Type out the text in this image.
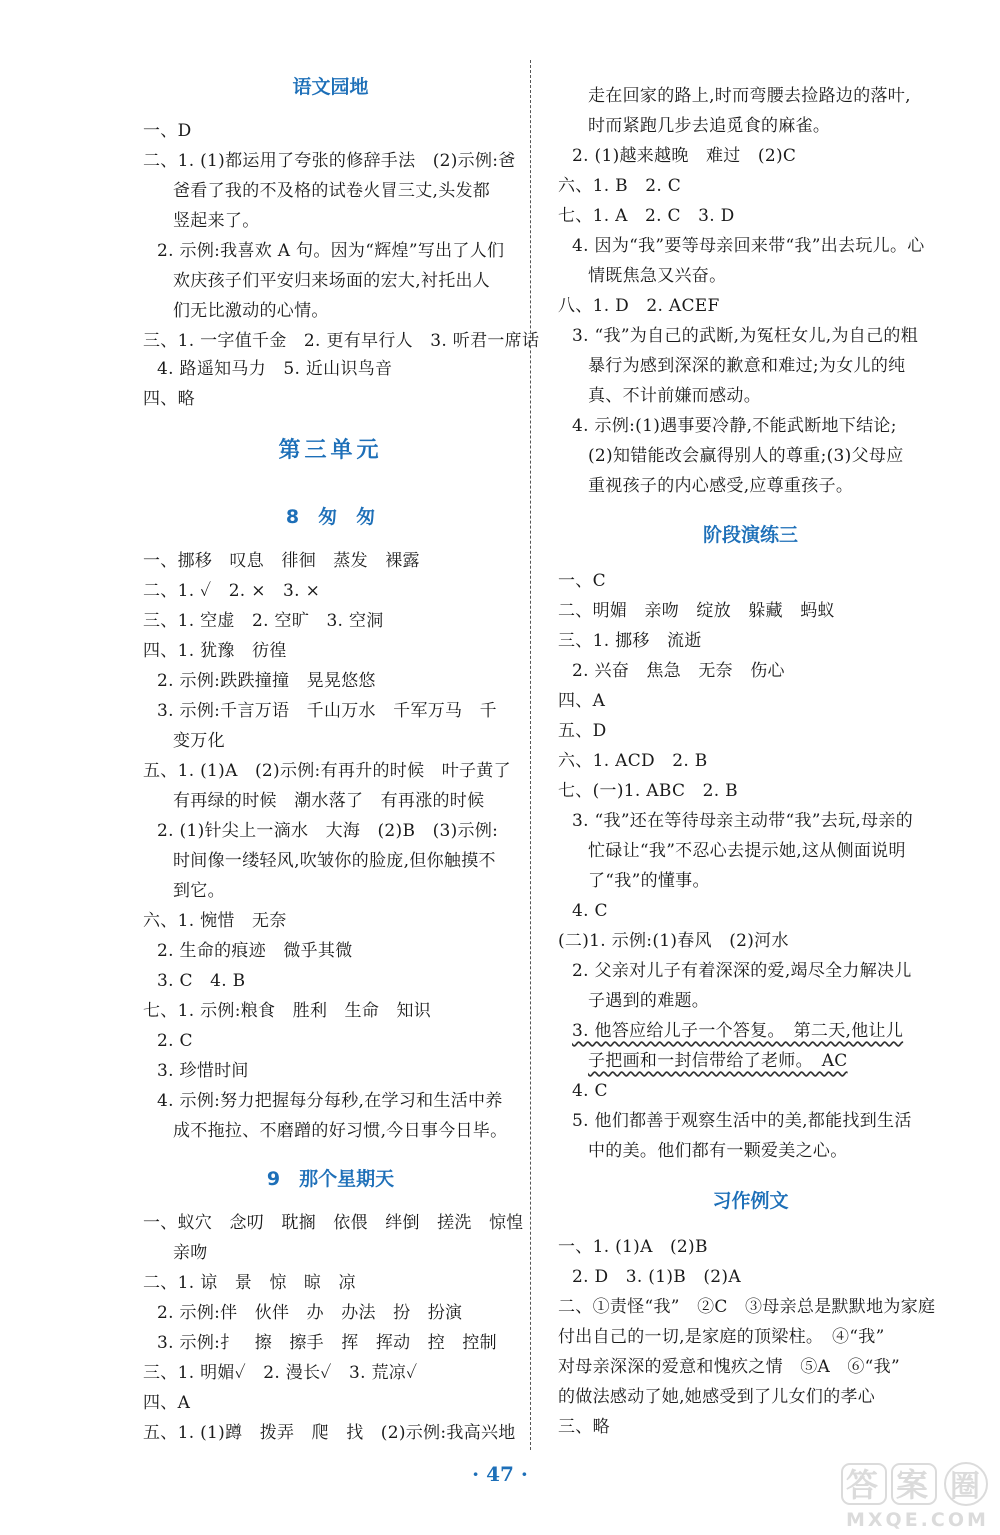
语文园地
一、D
二、1. (1)都运用了夸张的修辞手法　(2)示例:爸
爸看了我的不及格的试卷火冒三丈,头发都
竖起来了。
2. 示例:我喜欢 A 句。因为“辉煌”写出了人们
欢庆孩子们平安归来场面的宏大,衬托出人
们无比激动的心情。
三、1. 一字值千金　2. 更有早行人　3. 听君一席话
4. 路遥知马力　5. 近山识鸟音
四、略
第三单元
8　匆　匆
一、挪移　叹息　徘徊　蒸发　裸露
二、1. ✓　2. ×　3. ×
三、1. 空虚　2. 空旷　3. 空洞
四、1. 犹豫　彷徨
2. 示例:跌跌撞撞　晃晃悠悠
3. 示例:千言万语　千山万水　千军万马　千
变万化
五、1. (1)A　(2)示例:有再升的时候　叶子黄了
有再绿的时候　潮水落了　有再涨的时候
2. (1)针尖上一滴水　大海　(2)B　(3)示例:
时间像一缕轻风,吹皱你的脸庞,但你触摸不
到它。
六、1. 惋惜　无奈
2. 生命的痕迹　微乎其微
3. C　4. B
七、1. 示例:粮食　胜利　生命　知识
2. C
3. 珍惜时间
4. 示例:努力把握每分每秒,在学习和生活中养
成不拖拉、不磨蹭的好习惯,今日事今日毕。
9　那个星期天
一、蚁穴　念叨　耽搁　依偎　绊倒　搓洗　惊惶
亲吻
二、1. 谅　景　惊　晾　凉
2. 示例:伴　伙伴　办　办法　扮　扮演
3. 示例:扌　擦　擦手　挥　挥动　控　控制
三、1. 明媚✓　2. 漫长✓　3. 荒凉✓
四、A
五、1. (1)蹲　拨弄　爬　找　(2)示例:我高兴地
走在回家的路上,时而弯腰去捡路边的落叶,
时而紧跑几步去追觅食的麻雀。
2. (1)越来越晚　难过　(2)C
六、1. B　2. C
七、1. A　2. C　3. D
4. 因为“我”要等母亲回来带“我”出去玩儿。心
情既焦急又兴奋。
八、1. D　2. ACEF
3. “我”为自己的武断,为冤枉女儿,为自己的粗
暴行为感到深深的歉意和难过;为女儿的纯
真、不计前嫌而感动。
4. 示例:(1)遇事要冷静,不能武断地下结论;
(2)知错能改会赢得别人的尊重;(3)父母应
重视孩子的内心感受,应尊重孩子。
阶段演练三
一、C
二、明媚　亲吻　绽放　躲藏　蚂蚁
三、1. 挪移　流逝
2. 兴奋　焦急　无奈　伤心
四、A
五、D
六、1. ACD　2. B
七、(一)1. ABC　2. B
3. “我”还在等待母亲主动带“我”去玩,母亲的
忙碌让“我”不忍心去提示她,这从侧面说明
了“我”的懂事。
4. C
(二)1. 示例:(1)春风　(2)河水
2. 父亲对儿子有着深深的爱,竭尽全力解决儿
子遇到的难题。
3. 他答应给儿子一个答复。　第二天,他让儿
子把画和一封信带给了老师。　AC
4. C
5. 他们都善于观察生活中的美,都能找到生活
中的美。他们都有一颗爱美之心。
习作例文
一、1. (1)A　(2)B
2. D　3. (1)B　(2)A
二、①责怪“我”　②C　③母亲总是默默地为家庭
付出自己的一切,是家庭的顶梁柱。　④“我”
对母亲深深的爱意和愧疚之情　⑤A　⑥“我”
的做法感动了她,她感受到了儿女们的孝心
三、略
· 47 ·	答 案 圈
MXQE.COM
